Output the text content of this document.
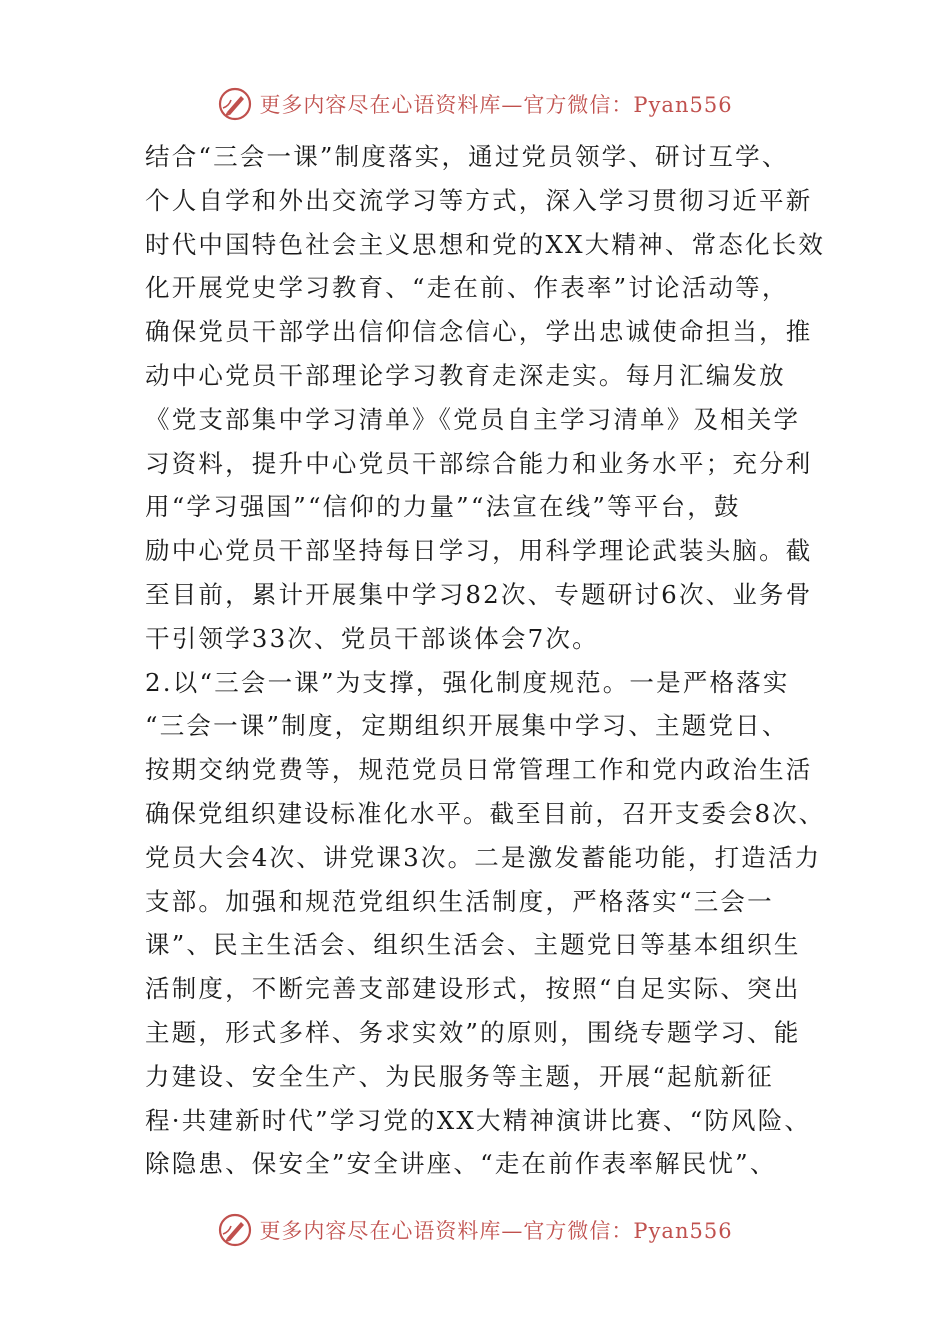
更多内容尽在心语资料库—官方微信：Pyan556
结合“三会一课”制度落实，通过党员领学、研讨互学、
个人自学和外出交流学习等方式，深入学习贯彻习近平新
时代中国特色社会主义思想和党的XX大精神、常态化长效
化开展党史学习教育、“走在前、作表率”讨论活动等，
确保党员干部学出信仰信念信心，学出忠诚使命担当，推
动中心党员干部理论学习教育走深走实。每月汇编发放
《党支部集中学习清单》《党员自主学习清单》及相关学
习资料，提升中心党员干部综合能力和业务水平；充分利
用“学习强国”“信仰的力量”“法宣在线”等平台，鼓
励中心党员干部坚持每日学习，用科学理论武装头脑。截
至目前，累计开展集中学习82次、专题研讨6次、业务骨
干引领学33次、党员干部谈体会7次。
2.以“三会一课”为支撑，强化制度规范。一是严格落实
“三会一课”制度，定期组织开展集中学习、主题党日、
按期交纳党费等，规范党员日常管理工作和党内政治生活
确保党组织建设标准化水平。截至目前，召开支委会8次、
党员大会4次、讲党课3次。二是激发蓄能功能，打造活力
支部。加强和规范党组织生活制度，严格落实“三会一
课”、民主生活会、组织生活会、主题党日等基本组织生
活制度，不断完善支部建设形式，按照“自足实际、突出
主题，形式多样、务求实效”的原则，围绕专题学习、能
力建设、安全生产、为民服务等主题，开展“起航新征
程·共建新时代”学习党的XX大精神演讲比赛、“防风险、
除隐患、保安全”安全讲座、“走在前作表率解民忧”、
更多内容尽在心语资料库—官方微信：Pyan556
